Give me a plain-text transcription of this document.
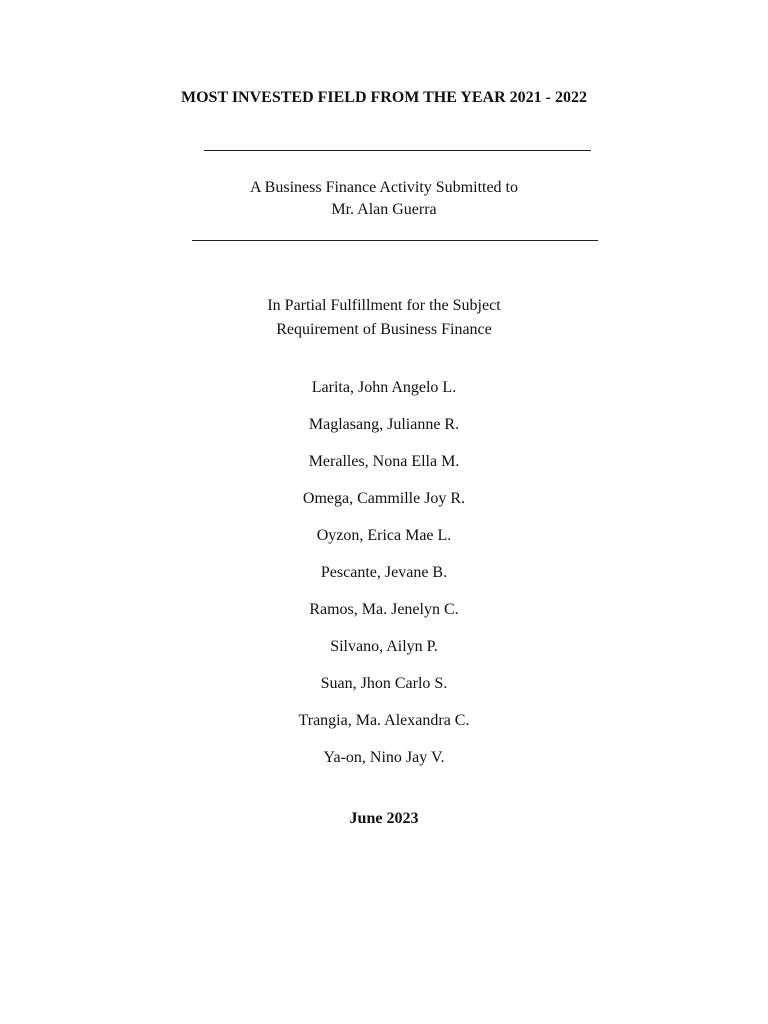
MOST INVESTED FIELD FROM THE YEAR 2021 - 2022
A Business Finance Activity Submitted to
Mr. Alan Guerra
In Partial Fulfillment for the Subject
Requirement of Business Finance
Larita, John Angelo L.
Maglasang, Julianne R.
Meralles, Nona Ella M.
Omega, Cammille Joy R.
Oyzon, Erica Mae L.
Pescante, Jevane B.
Ramos, Ma. Jenelyn C.
Silvano, Ailyn P.
Suan, Jhon Carlo S.
Trangia, Ma. Alexandra C.
Ya-on, Nino Jay V.
June 2023
